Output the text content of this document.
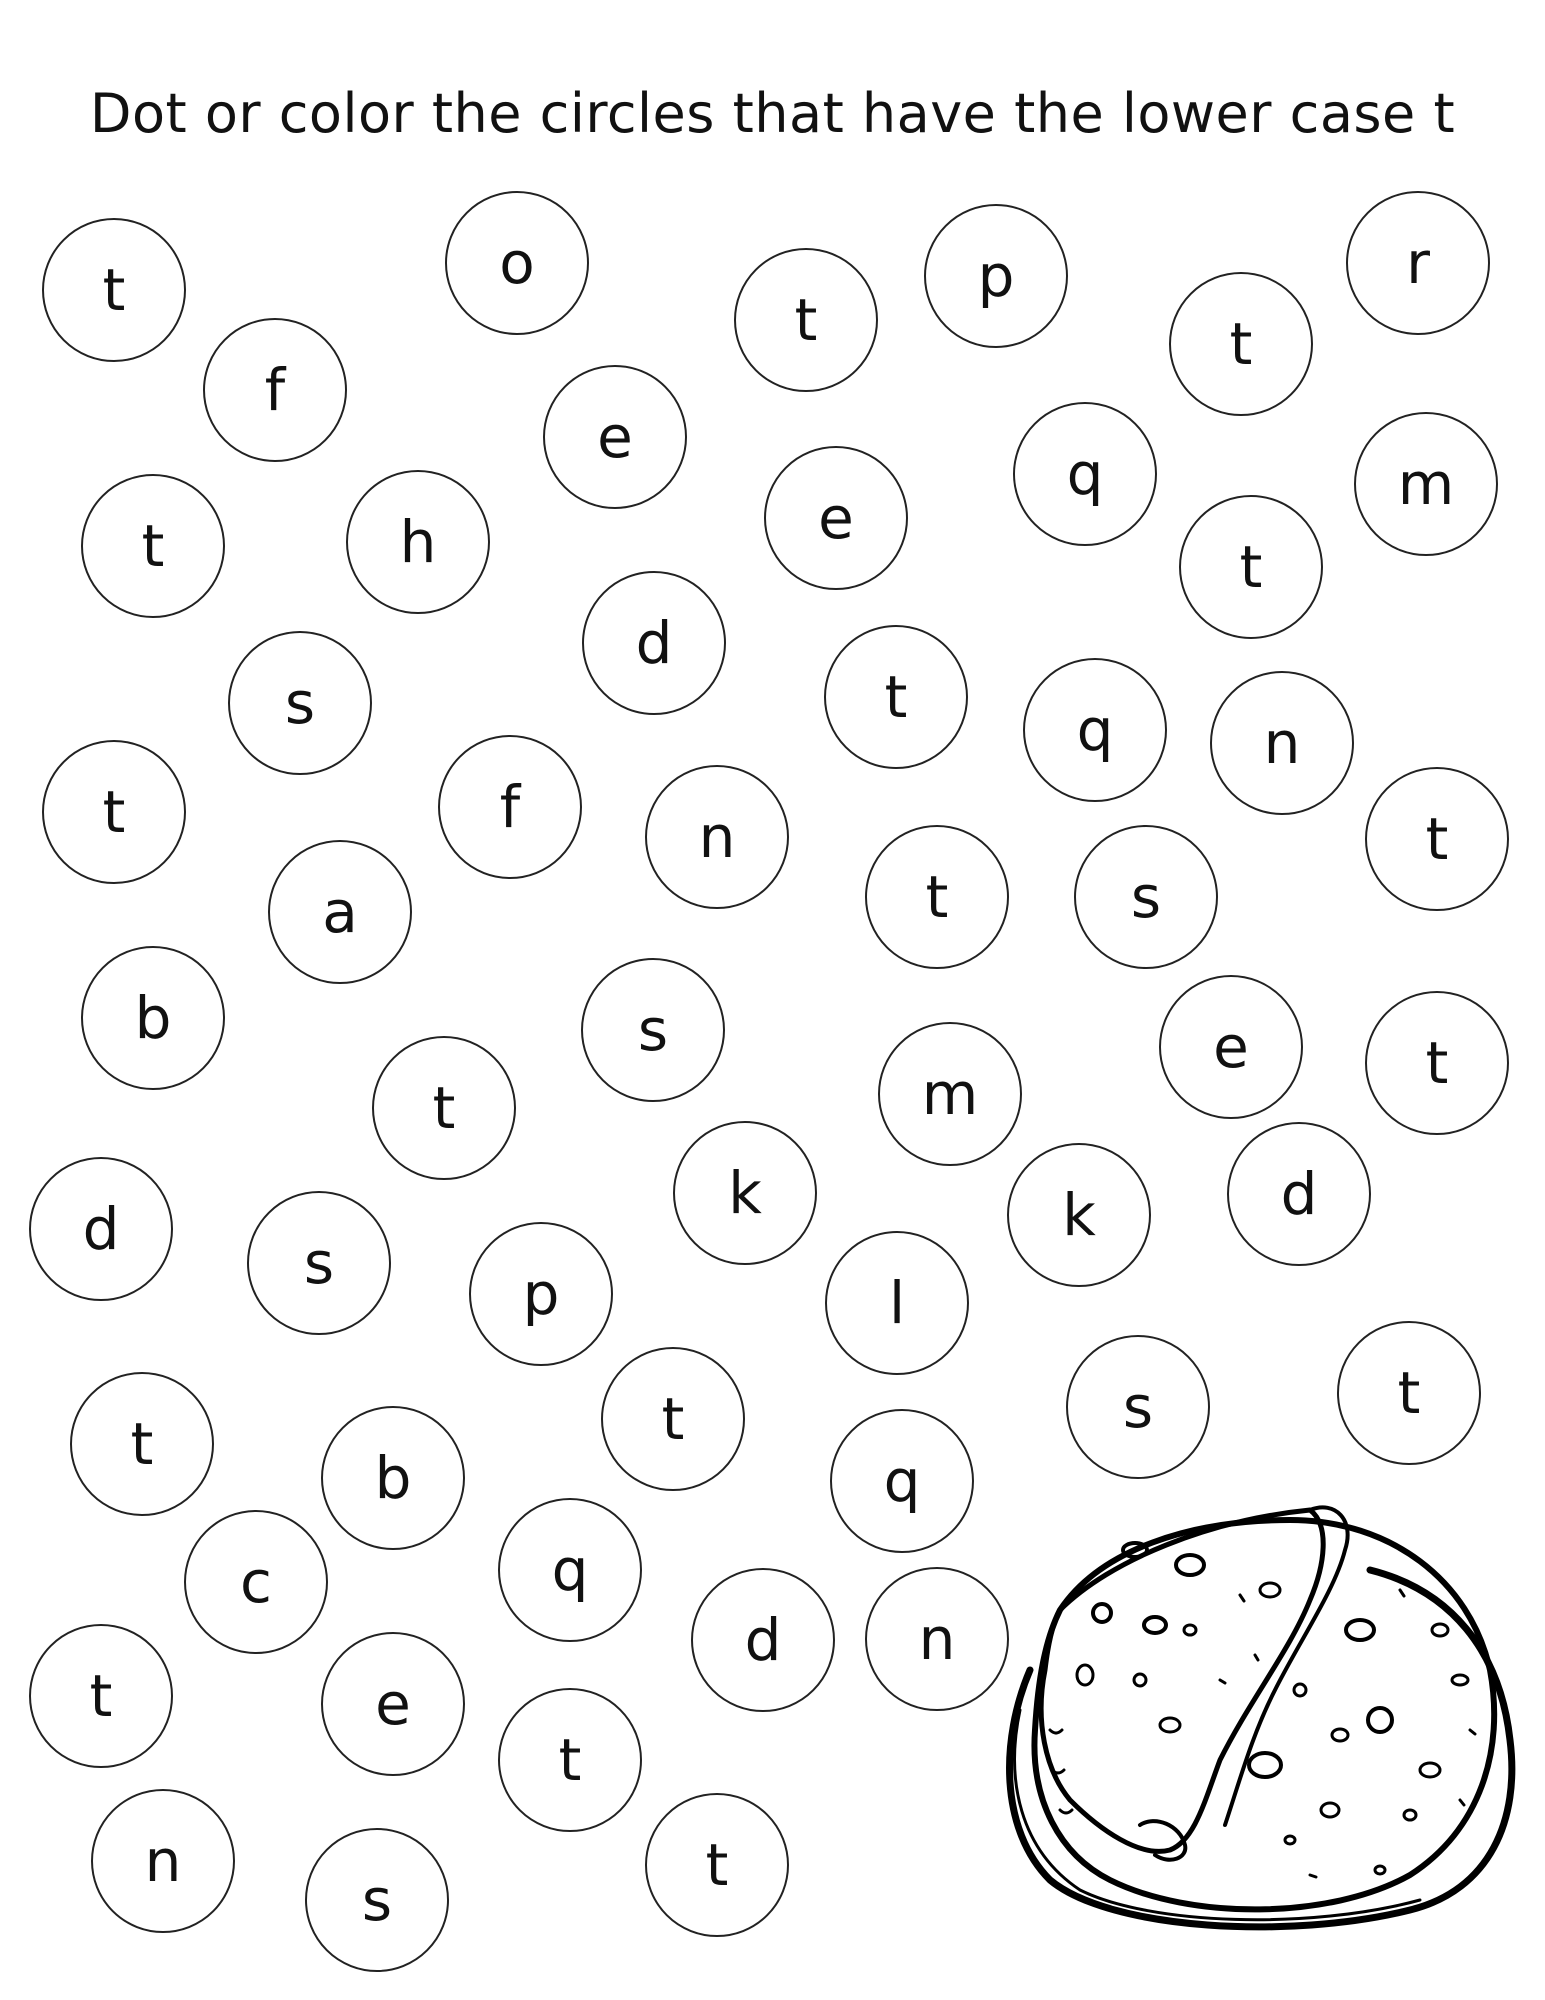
Dot or color the circles that have the lower case t
t	o
t
p	r
f
t
e
q
t	h	e	m
t
d
s	t	q	n
t	f	n	t
a	t	s
b	s
m
e	t
t
d
k	k	d
s	p	l
t
t
s
b
t
q
c	q
d	n
t	e
t
n
s
t
